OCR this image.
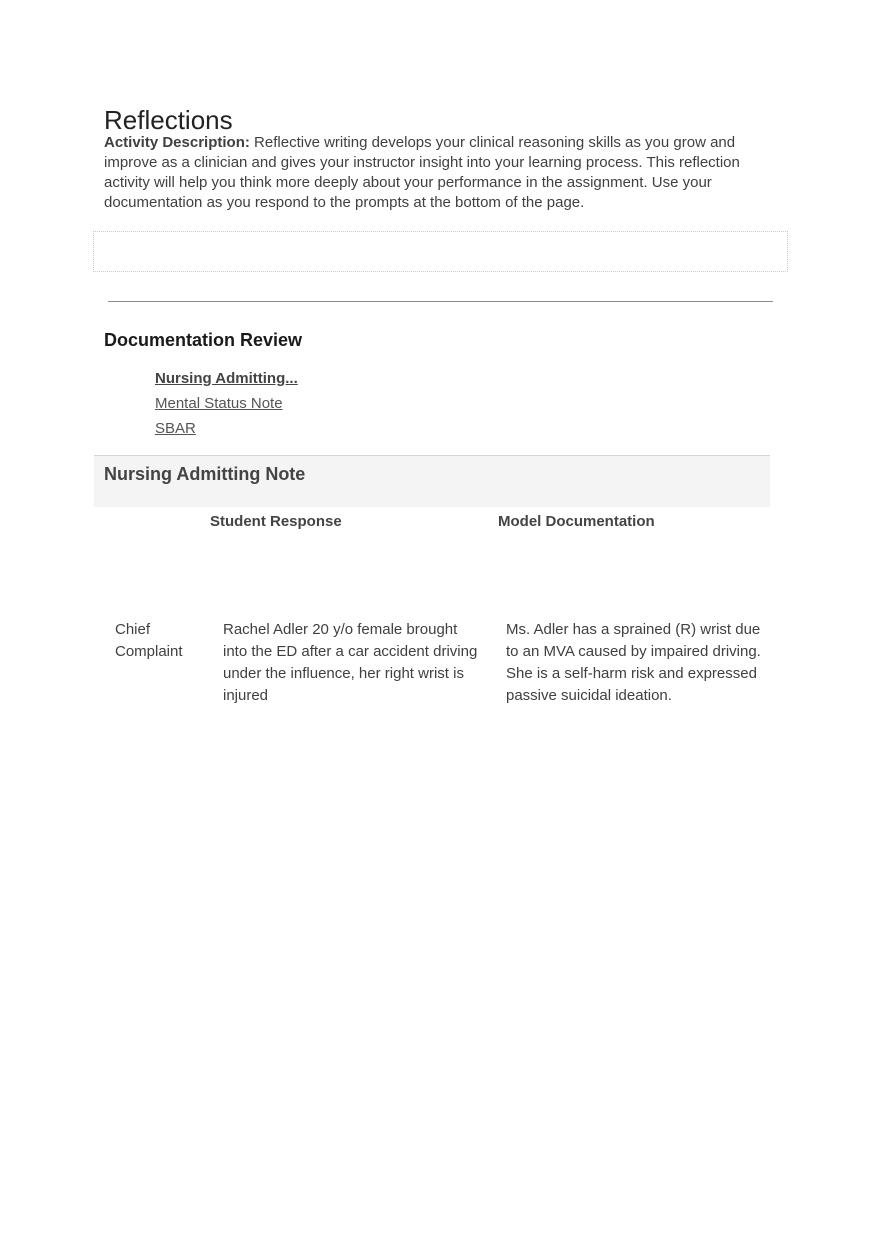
Reflections

Activity Description: Reflective writing develops your clinical reasoning skills as you grow and improve as a clinician and gives your instructor insight into your learning process. This reflection activity will help you think more deeply about your performance in the assignment. Use your documentation as you respond to the prompts at the bottom of the page.

Documentation Review
Nursing Admitting...
Mental Status Note
SBAR
Nursing Admitting Note
Student Response	Model Documentation
Chief Complaint
Rachel Adler 20 y/o female brought into the ED after a car accident driving under the influence, her right wrist is injured
Ms. Adler has a sprained (R) wrist due to an MVA caused by impaired driving. She is a self-harm risk and expressed passive suicidal ideation.
